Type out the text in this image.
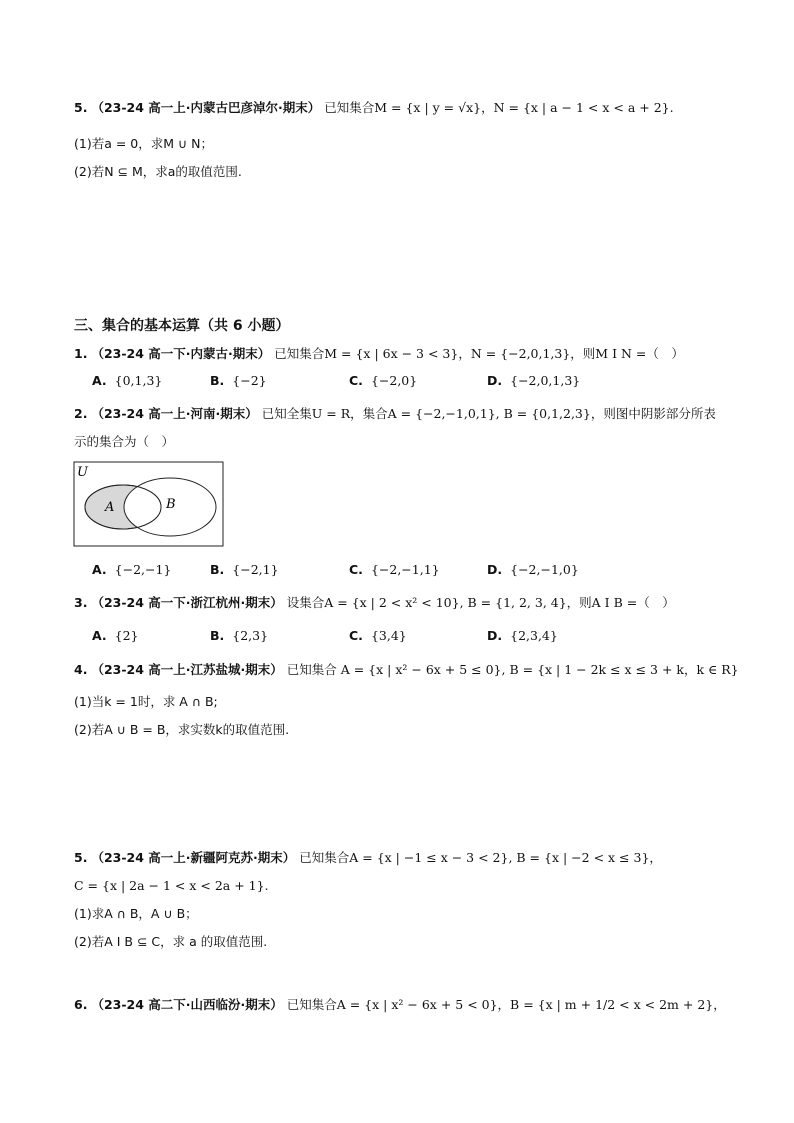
5. （23-24 高一上·内蒙古巴彦淖尔·期末） 已知集合M = {x | y = √x}，N = {x | a − 1 < x < a + 2}.
(1)若a = 0，求M ∪ N；
(2)若N ⊆ M，求a的取值范围.
三、集合的基本运算（共 6 小题）
1. （23-24 高一下·内蒙古·期末） 已知集合M = {x | 6x − 3 < 3}，N = {−2,0,1,3}，则M I N =（　）
A. {0,1,3}	B. {−2}	C. {−2,0}	D. {−2,0,1,3}
2. （23-24 高一上·河南·期末） 已知全集U = R，集合A = {−2,−1,0,1}, B = {0,1,2,3}，则图中阴影部分所表
示的集合为（　）
U
A	B
A. {−2,−1}	B. {−2,1}	C. {−2,−1,1}	D. {−2,−1,0}
3. （23-24 高一下·浙江杭州·期末） 设集合A = {x | 2 < x² < 10}, B = {1, 2, 3, 4}，则A I B =（　）
A. {2}	B. {2,3}	C. {3,4}	D. {2,3,4}
4. （23-24 高一上·江苏盐城·期末） 已知集合 A = {x | x² − 6x + 5 ≤ 0}, B = {x | 1 − 2k ≤ x ≤ 3 + k，k ∈ R}
(1)当k = 1时，求 A ∩ B;
(2)若A ∪ B = B，求实数k的取值范围.
5. （23-24 高一上·新疆阿克苏·期末） 已知集合A = {x | −1 ≤ x − 3 < 2}, B = {x | −2 < x ≤ 3}，
C = {x | 2a − 1 < x < 2a + 1}.
(1)求A ∩ B，A ∪ B；
(2)若A I B ⊆ C，求 a 的取值范围.
6. （23-24 高二下·山西临汾·期末） 已知集合A = {x | x² − 6x + 5 < 0}，B = {x | m + 1/2 < x < 2m + 2}，
